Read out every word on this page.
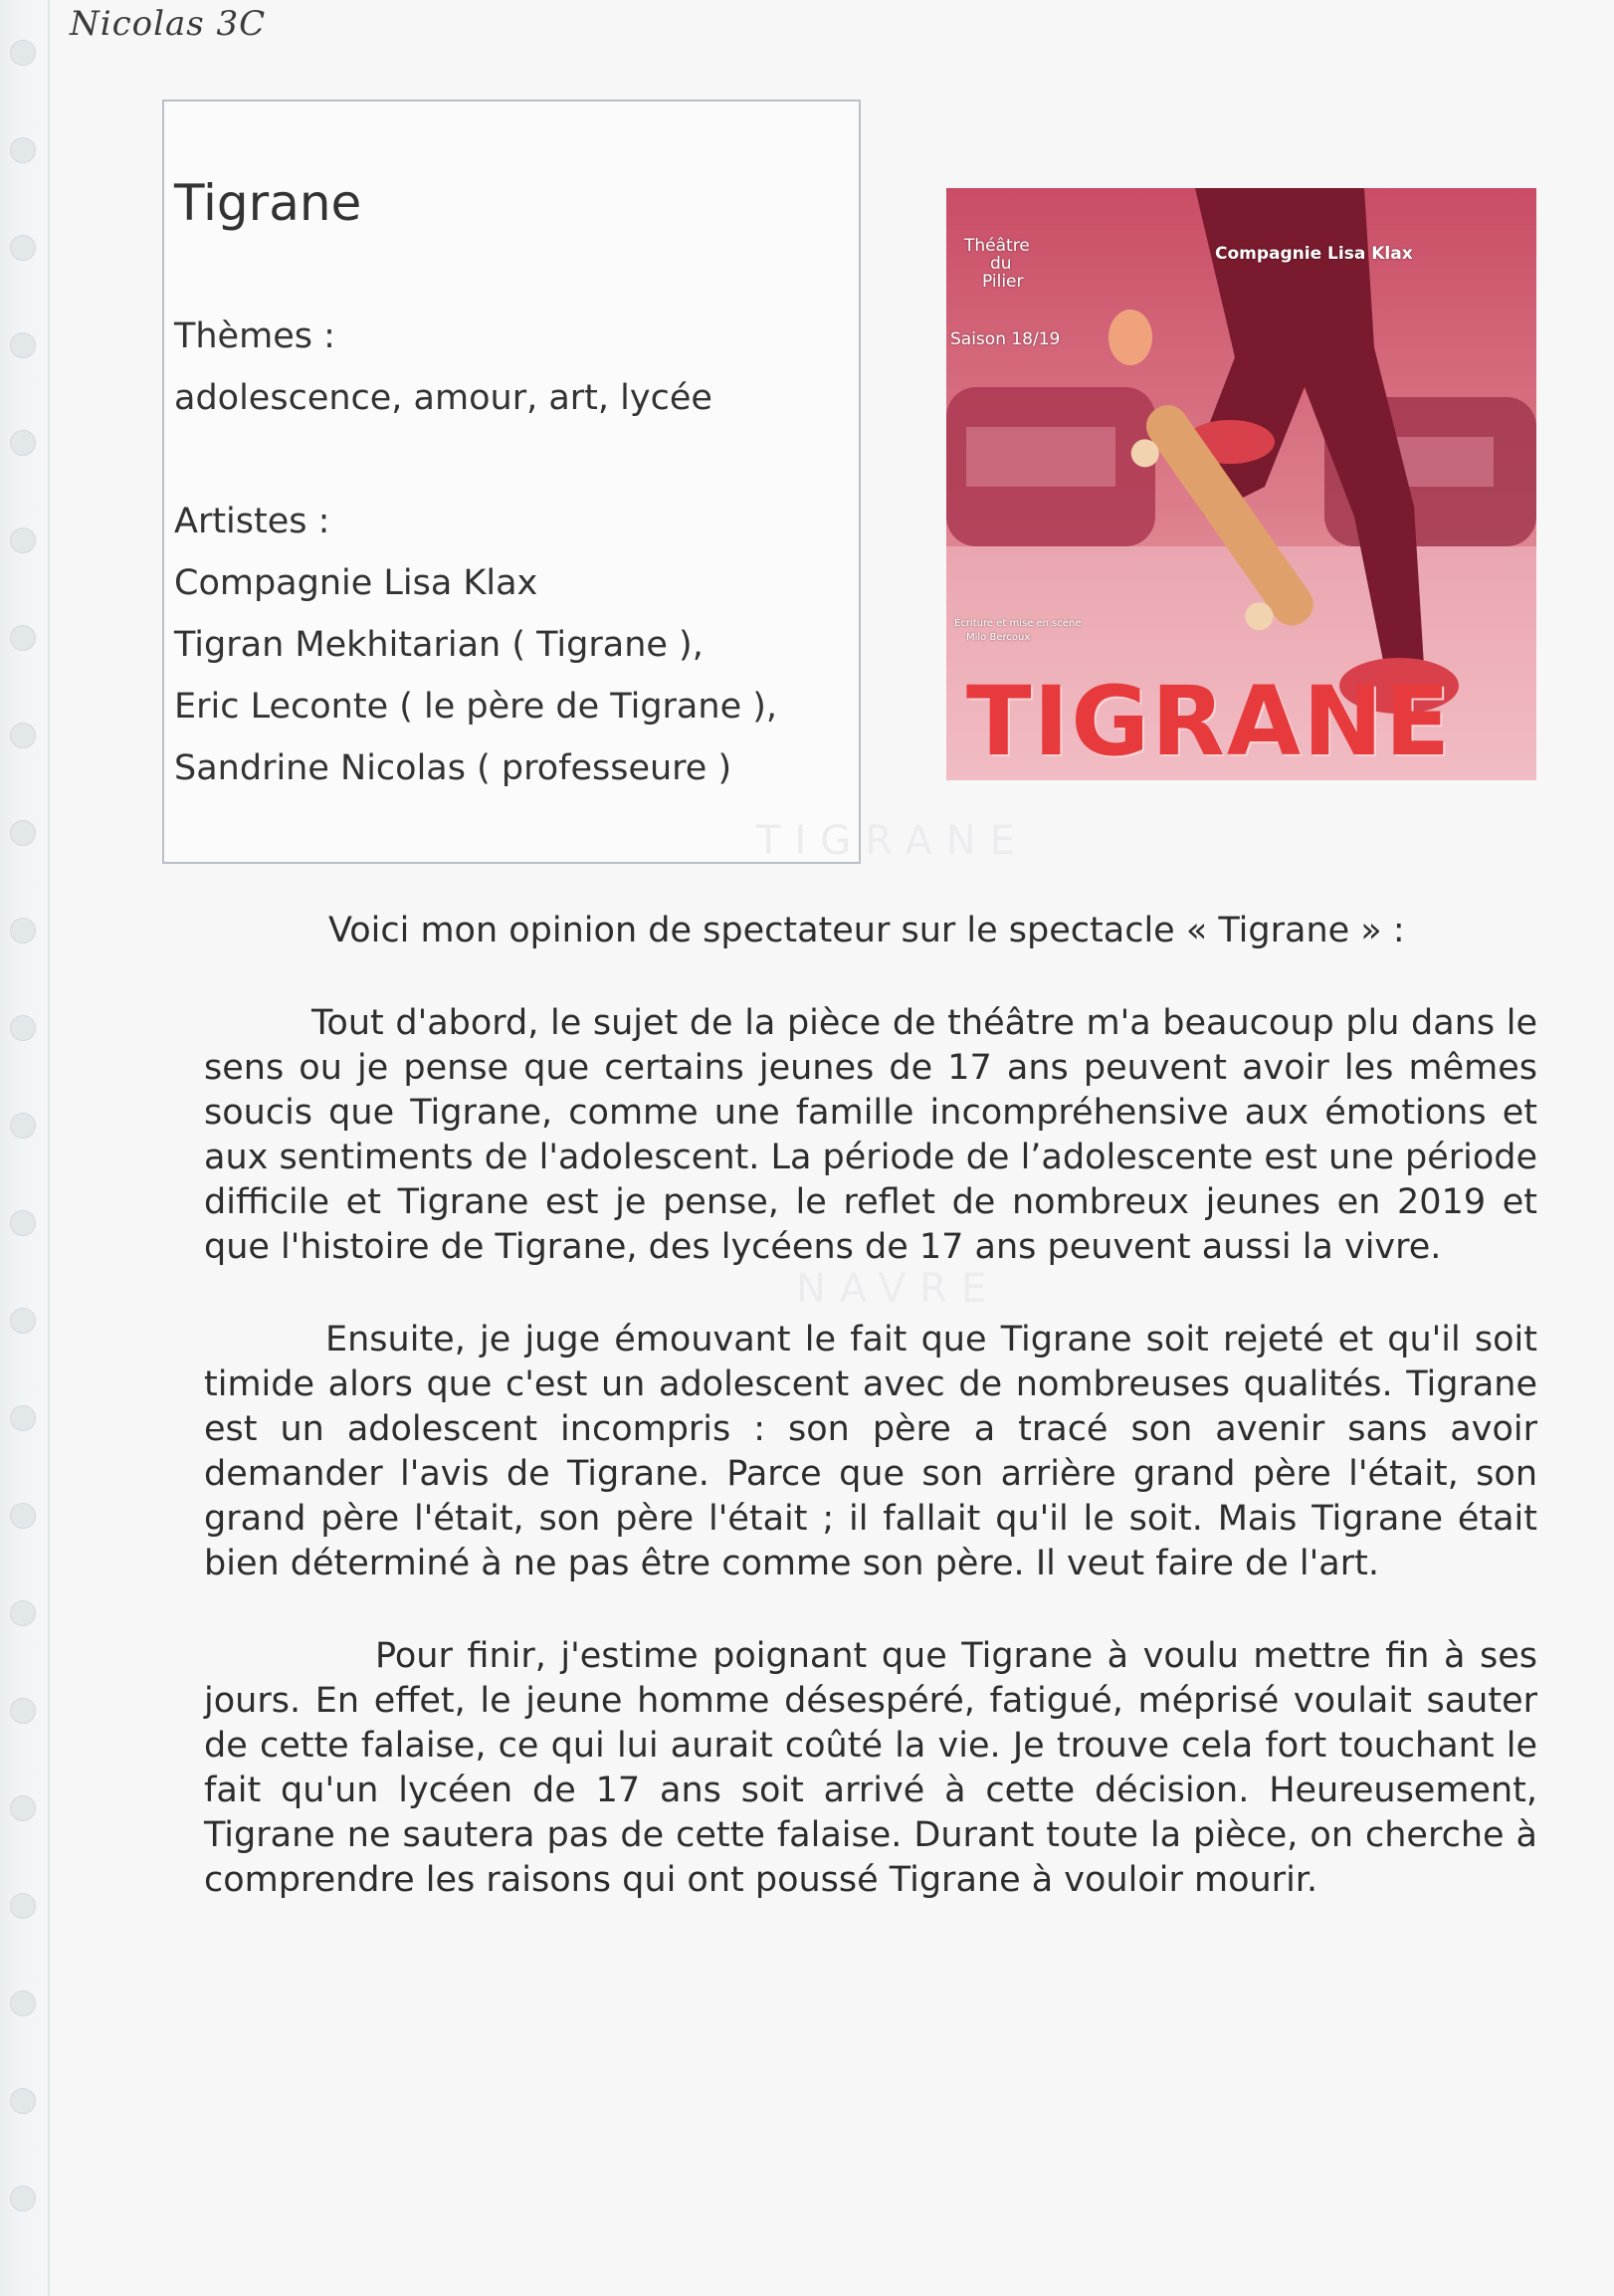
Nicolas 3C
Tigrane
Thèmes :
adolescence, amour, art, lycée
Artistes :
Compagnie Lisa Klax
Tigran Mekhitarian ( Tigrane ),
Eric Leconte ( le père de Tigrane ),
Sandrine Nicolas ( professeure )
Théâtre
du
Pilier
Saison 18/19
Compagnie Lisa Klax
Écriture et mise en scène
Milo Bercoux
TIGRANE
TIGRANE
NAVRE
Voici mon opinion de spectateur sur le spectacle « Tigrane » :

Tout d'abord, le sujet de la pièce de théâtre m'a beaucoup plu dans le sens ou je pense que certains jeunes de 17 ans peuvent avoir les mêmes soucis que Tigrane, comme une famille incompréhensive aux émotions et aux sentiments de l'adolescent. La période de l’adolescente est une période difficile et Tigrane est je pense, le reflet de nombreux jeunes en 2019 et que l'histoire de Tigrane, des lycéens de 17 ans peuvent aussi la vivre.

Ensuite, je juge émouvant le fait que Tigrane soit rejeté et qu'il soit timide alors que c'est un adolescent avec de nombreuses qualités. Tigrane est un adolescent incompris : son père a tracé son avenir sans avoir demander l'avis de Tigrane. Parce que son arrière grand père l'était, son grand père l'était, son père l'était ; il fallait qu'il le soit. Mais Tigrane était bien déterminé à ne pas être comme son père. Il veut faire de l'art.

Pour finir, j'estime poignant que Tigrane à voulu mettre fin à ses jours. En effet, le jeune homme désespéré, fatigué, méprisé voulait sauter de cette falaise, ce qui lui aurait coûté la vie. Je trouve cela fort touchant le fait qu'un lycéen de 17 ans soit arrivé à cette décision. Heureusement, Tigrane ne sautera pas de cette falaise. Durant toute la pièce, on cherche à comprendre les raisons qui ont poussé Tigrane à vouloir mourir.
